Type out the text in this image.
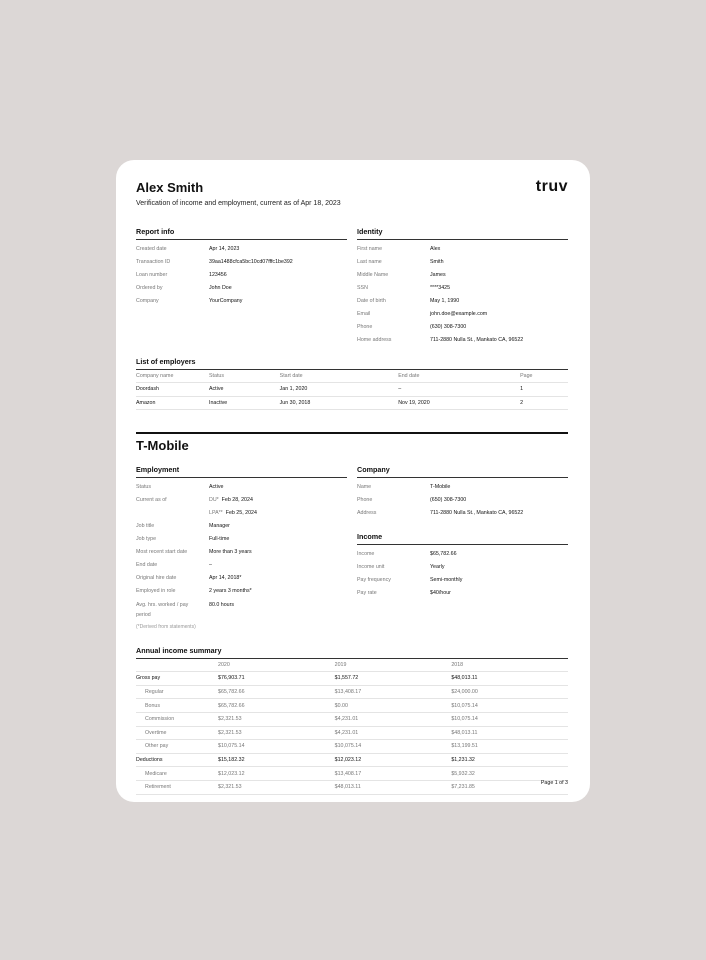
truv
Alex Smith
Verification of income and employment, current as of Apr 18, 2023
Report info
Created date	Apr 14, 2023
Transaction ID	39aa1488cfca5bc10cd07fffc1be392
Loan number	123456
Ordered by	John Doe
Company	YourCompany
Identity
First name	Alex
Last name	Smith
Middle Name	James
SSN	****3425
Date of birth	May 1, 1990
Email	john.doe@example.com
Phone	(630) 308-7300
Home address	711-2880 Nulla St., Mankato CA, 96522
List of employers
Company name	Status	Start date	End date	Page
Doordash	Active	Jan 1, 2020	–	1
Amazon	Inactive	Jun 30, 2018	Nov 19, 2020	2
T-Mobile
Employment
Status	Active
Current as of	DU* Feb 28, 2024
LPA** Feb 25, 2024
Job title	Manager
Job type	Full-time
Most recent start date	More than 3 years
End date	–
Original hire date	Apr 14, 2018*
Employed in role	2 years 3 months*
Avg. hrs. worked / pay period
80.0 hours
(*Derived from statements)
Company
Name	T-Mobile
Phone	(650) 308-7300
Address	711-2880 Nulla St., Mankato CA, 96522
Income
Income	$65,782.66
Income unit	Yearly
Pay frequency	Semi-monthly
Pay rate	$40/hour
Annual income summary
	2020	2019	2018
Gross pay	$76,903.71	$1,557.72	$48,013.11
Regular	$65,782.66	$13,408.17	$24,000.00
Bonus	$65,782.66	$0.00	$10,075.14
Commission	$2,321.53	$4,231.01	$10,075.14
Overtime	$2,321.53	$4,231.01	$48,013.11
Other pay	$10,075.14	$10,075.14	$13,199.51
Deductions	$15,182.32	$12,023.12	$1,231.32
Medicare	$12,023.12	$13,408.17	$5,932.32
Retirement	$2,321.53	$48,013.11	$7,231.85
Page 1 of 3
